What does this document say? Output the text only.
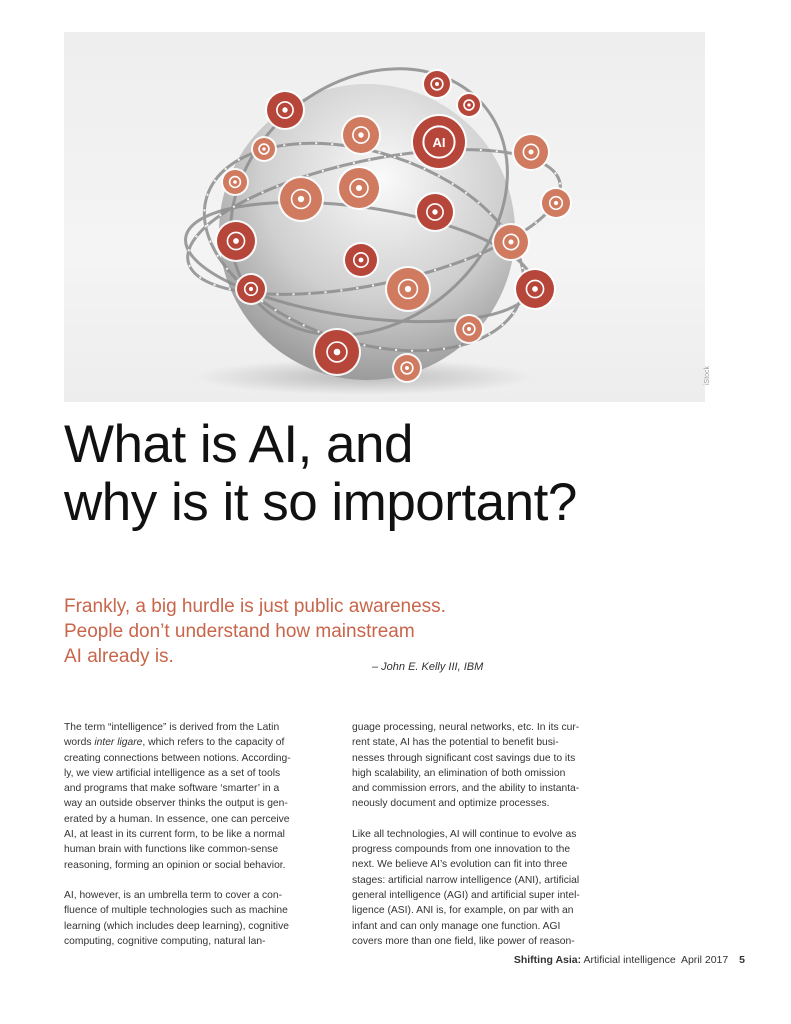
AI
iStock
What is AI, and
why is it so important?
Frankly, a big hurdle is just public awareness.
People don’t understand how mainstream
AI already is.	– John E. Kelly III, IBM

The term “intelligence” is derived from the Latin
words inter ligare, which refers to the capacity of
creating connections between notions. According-
ly, we view artificial intelligence as a set of tools
and programs that make software ‘smarter’ in a
way an outside observer thinks the output is gen-
erated by a human. In essence, one can perceive
AI, at least in its current form, to be like a normal
human brain with functions like common-sense
reasoning, forming an opinion or social behavior.

AI, however, is an umbrella term to cover a con-
fluence of multiple technologies such as machine
learning (which includes deep learning), cognitive
computing, cognitive computing, natural lan-

guage processing, neural networks, etc. In its cur-
rent state, AI has the potential to benefit busi-
nesses through significant cost savings due to its
high scalability, an elimination of both omission
and commission errors, and the ability to instanta-
neously document and optimize processes.

Like all technologies, AI will continue to evolve as
progress compounds from one innovation to the
next. We believe AI’s evolution can fit into three
stages: artificial narrow intelligence (ANI), artificial
general intelligence (AGI) and artificial super intel-
ligence (ASI). ANI is, for example, on par with an
infant and can only manage one function. AGI
covers more than one field, like power of reason-

Shifting Asia: Artificial intelligence April 2017 5
